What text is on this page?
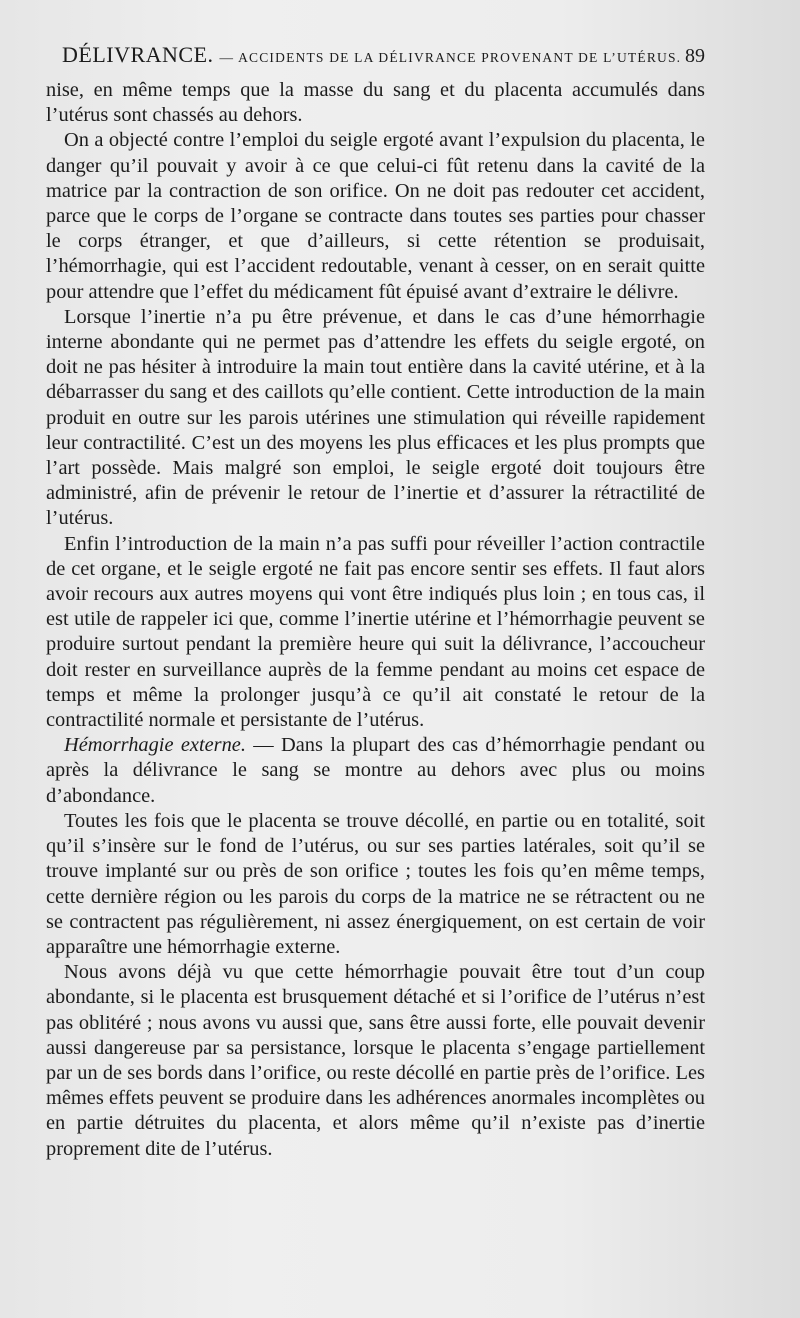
DÉLIVRANCE. — ACCIDENTS DE LA DÉLIVRANCE PROVENANT DE L’UTÉRUS. 89

nise, en même temps que la masse du sang et du placenta accumulés dans l’utérus sont chassés au dehors.

On a objecté contre l’emploi du seigle ergoté avant l’expulsion du placenta, le danger qu’il pouvait y avoir à ce que celui-ci fût retenu dans la cavité de la matrice par la contraction de son orifice. On ne doit pas redouter cet accident, parce que le corps de l’organe se contracte dans toutes ses parties pour chasser le corps étranger, et que d’ailleurs, si cette rétention se produisait, l’hémorrhagie, qui est l’accident redoutable, venant à cesser, on en serait quitte pour attendre que l’effet du médicament fût épuisé avant d’extraire le délivre.

Lorsque l’inertie n’a pu être prévenue, et dans le cas d’une hémorrhagie interne abondante qui ne permet pas d’attendre les effets du seigle ergoté, on doit ne pas hésiter à introduire la main tout entière dans la cavité utérine, et à la débarrasser du sang et des caillots qu’elle contient. Cette introduction de la main produit en outre sur les parois utérines une stimulation qui réveille rapidement leur contractilité. C’est un des moyens les plus efficaces et les plus prompts que l’art possède. Mais malgré son emploi, le seigle ergoté doit toujours être administré, afin de prévenir le retour de l’inertie et d’assurer la rétractilité de l’utérus.

Enfin l’introduction de la main n’a pas suffi pour réveiller l’action contractile de cet organe, et le seigle ergoté ne fait pas encore sentir ses effets. Il faut alors avoir recours aux autres moyens qui vont être indiqués plus loin ; en tous cas, il est utile de rappeler ici que, comme l’inertie utérine et l’hémorrhagie peuvent se produire surtout pendant la première heure qui suit la délivrance, l’accoucheur doit rester en surveillance auprès de la femme pendant au moins cet espace de temps et même la prolonger jusqu’à ce qu’il ait constaté le retour de la contractilité normale et persistante de l’utérus.

Hémorrhagie externe. — Dans la plupart des cas d’hémorrhagie pendant ou après la délivrance le sang se montre au dehors avec plus ou moins d’abondance.

Toutes les fois que le placenta se trouve décollé, en partie ou en totalité, soit qu’il s’insère sur le fond de l’utérus, ou sur ses parties latérales, soit qu’il se trouve implanté sur ou près de son orifice ; toutes les fois qu’en même temps, cette dernière région ou les parois du corps de la matrice ne se rétractent ou ne se contractent pas régulièrement, ni assez énergiquement, on est certain de voir apparaître une hémorrhagie externe.

Nous avons déjà vu que cette hémorrhagie pouvait être tout d’un coup abondante, si le placenta est brusquement détaché et si l’orifice de l’utérus n’est pas oblitéré ; nous avons vu aussi que, sans être aussi forte, elle pouvait devenir aussi dangereuse par sa persistance, lorsque le placenta s’engage partiellement par un de ses bords dans l’orifice, ou reste décollé en partie près de l’orifice. Les mêmes effets peuvent se produire dans les adhérences anormales incomplètes ou en partie détruites du placenta, et alors même qu’il n’existe pas d’inertie proprement dite de l’utérus.
